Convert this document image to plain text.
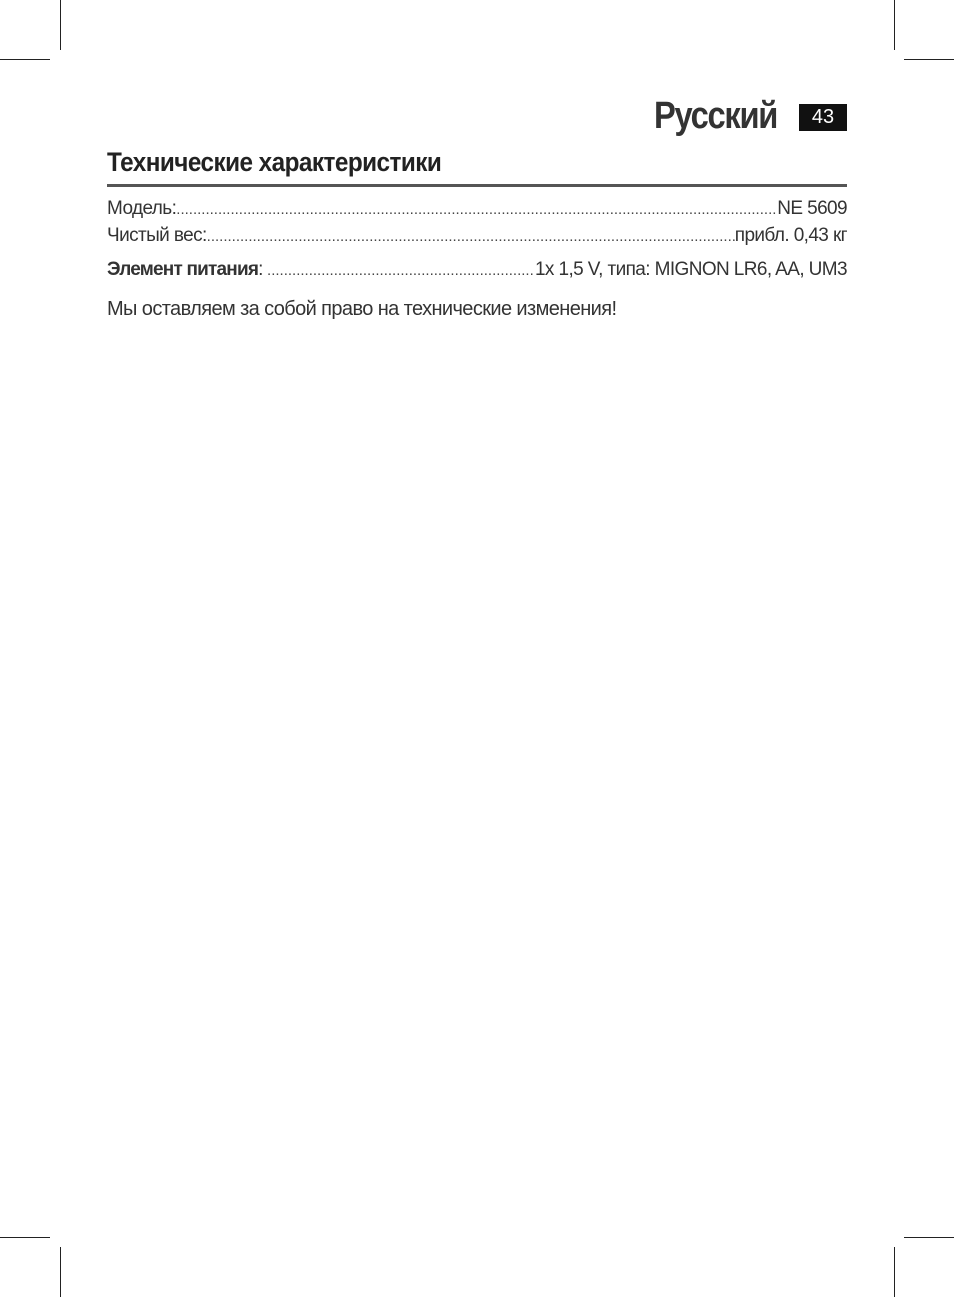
Русский	43
Технические характеристики
Модель: .....	NE 5609
Чистый вес: .....	прибл. 0,43 кг
Элемент питания : .....	1x 1,5 V, типа: MIGNON LR6, AA, UM3
Мы оставляем за собой право на технические изменения!
